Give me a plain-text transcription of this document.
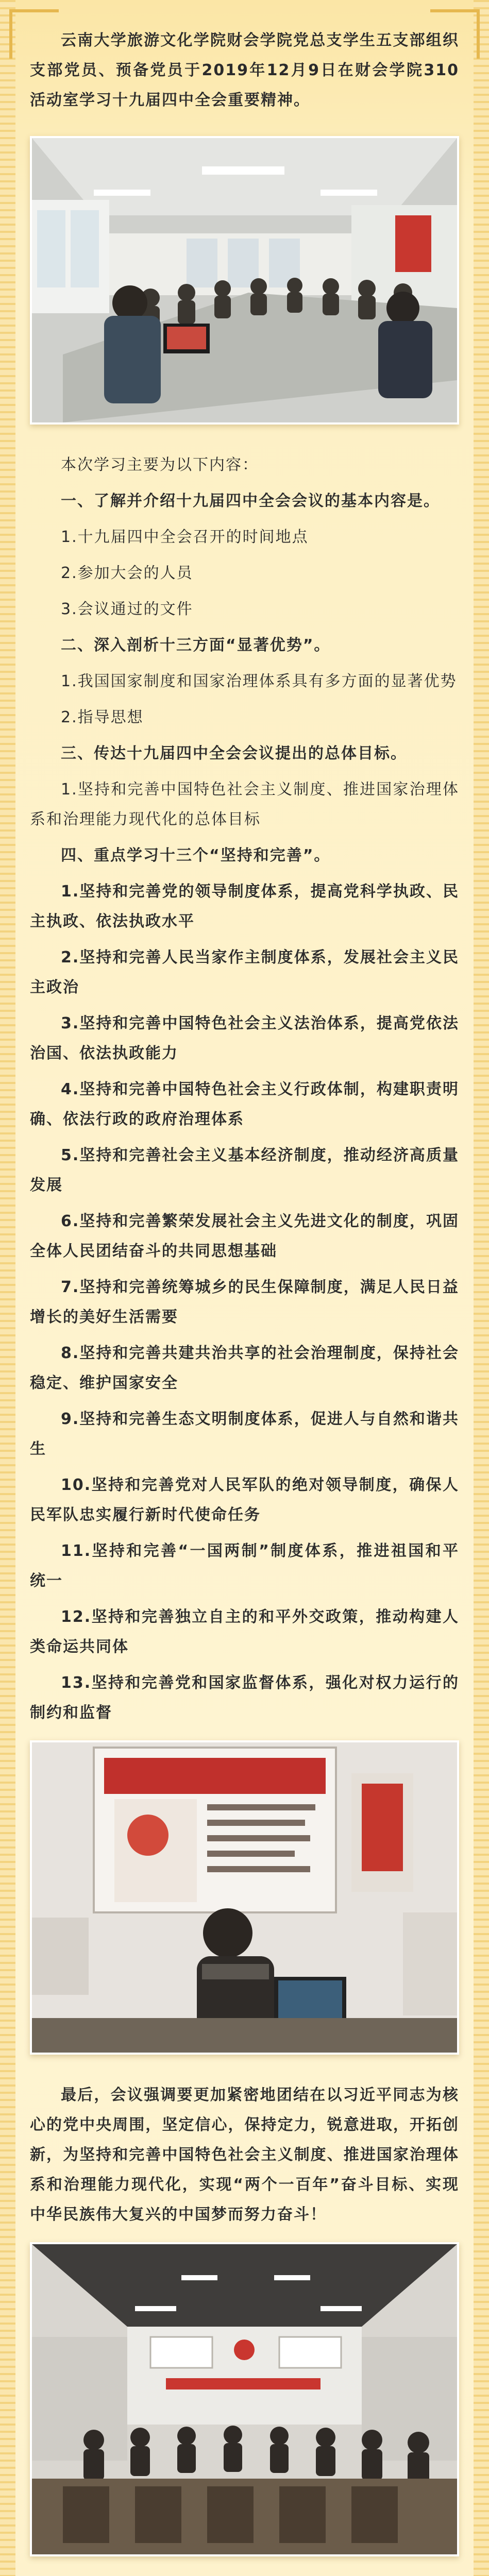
云南大学旅游文化学院财会学院党总支学生五支部组织支部党员、预备党员于2019年12月9日在财会学院310活动室学习十九届四中全会重要精神。

本次学习主要为以下内容：

一、了解并介绍十九届四中全会会议的基本内容是。

1.十九届四中全会召开的时间地点

2.参加大会的人员

3.会议通过的文件

二、深入剖析十三方面“显著优势”。

1.我国国家制度和国家治理体系具有多方面的显著优势

2.指导思想

三、传达十九届四中全会会议提出的总体目标。

1.坚持和完善中国特色社会主义制度、推进国家治理体系和治理能力现代化的总体目标

四、重点学习十三个“坚持和完善”。

1.坚持和完善党的领导制度体系，提高党科学执政、民主执政、依法执政水平

2.坚持和完善人民当家作主制度体系，发展社会主义民主政治

3.坚持和完善中国特色社会主义法治体系，提高党依法治国、依法执政能力

4.坚持和完善中国特色社会主义行政体制，构建职责明确、依法行政的政府治理体系

5.坚持和完善社会主义基本经济制度，推动经济高质量发展

6.坚持和完善繁荣发展社会主义先进文化的制度，巩固全体人民团结奋斗的共同思想基础

7.坚持和完善统筹城乡的民生保障制度，满足人民日益增长的美好生活需要

8.坚持和完善共建共治共享的社会治理制度，保持社会稳定、维护国家安全

9.坚持和完善生态文明制度体系，促进人与自然和谐共生

10.坚持和完善党对人民军队的绝对领导制度，确保人民军队忠实履行新时代使命任务

11.坚持和完善“一国两制”制度体系，推进祖国和平统一

12.坚持和完善独立自主的和平外交政策，推动构建人类命运共同体

13.坚持和完善党和国家监督体系，强化对权力运行的制约和监督

最后，会议强调要更加紧密地团结在以习近平同志为核心的党中央周围，坚定信心，保持定力，锐意进取，开拓创新，为坚持和完善中国特色社会主义制度、推进国家治理体系和治理能力现代化，实现“两个一百年”奋斗目标、实现中华民族伟大复兴的中国梦而努力奋斗！
